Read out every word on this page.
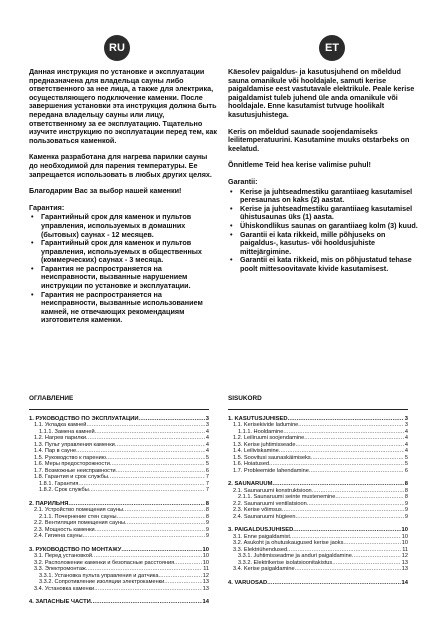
RU	ET

Данная инструкция по установке и эксплуатации предназначена для владельца сауны либо ответственного за нее лица, а также для электрика, осуществляющего подключение каменки. После завершения установки эта инструкция должна быть передана владельцу сауны или лицу, ответственному за ее эксплуатацию. Тщательно изучите инструкцию по эксплуатации перед тем, как пользоваться каменкой.

Каменка разработана для нагрева парилки сауны до необходимой для парения температуры. Ее запрещается использовать в любых других целях.

Благодарим Вас за выбор нашей каменки!

Гарантия:
• Гарантийный срок для каменок и пультов управления, используемых в домашних (бытовых) саунах - 12 месяцев.
• Гарантийный срок для каменок и пультов управления, используемых в общественных (коммерческих) саунах - 3 месяца.
• Гарантия не распространяется на неисправности, вызванные нарушением инструкции по установке и эксплуатации.
• Гарантия не распространяется на неисправности, вызванные использованием камней, не отвечающих рекомендациям изготовителя каменки.

Käesolev paigaldus- ja kasutusjuhend on mõeldud sauna omanikule või hooldajale, samuti kerise paigaldamise eest vastutavale elektrikule. Peale kerise paigaldamist tuleb juhend üle anda omanikule või hooldajale. Enne kasutamist tutvuge hoolikalt kasutusjuhistega.

Keris on mõeldud saunade soojendamiseks leilitemperatuurini. Kasutamine muuks otstarbeks on keelatud.

Õnnitleme Teid hea kerise valimise puhul!

Garantii:
• Kerise ja juhtseadmestiku garantiiaeg kasutamisel peresaunas on kaks (2) aastat.
• Kerise ja juhtseadmestiku garantiiaeg kasutamisel ühistusaunas üks (1) aasta.
• Ühiskondlikus saunas on garantiiaeg kolm (3) kuud.
• Garantii ei kata rikkeid, mille põhjuseks on paigaldus-, kasutus- või hooldusjuhiste mittejärgimine.
• Garantii ei kata rikkeid, mis on põhjustatud tehase poolt mittesoovitavate kivide kasutamisest.
ОГЛАВЛЕНИЕ
1. РУКОВОДСТВО ПО ЭКСПЛУАТАЦИИ .....	3
1.1. Укладка камней .....	3
1.1.1. Замена камней .....	4
1.2. Нагрев парилки .....	4
1.3. Пульт управления каменки .....	4
1.4. Пар в сауне .....	4
1.5. Руководство к парению .....	5
1.6. Меры предосторожности .....	5
1.7. Возможные неисправности .....	6
1.8. Гарантия и срок службы .....	7
1.8.1. Гарантия .....	7
1.8.2. Срок службы .....	7
2. ПАРИЛЬНЯ .....	8
2.1. Устройство помещения сауны .....	8
2.1.1. Почернение стен сауны .....	8
2.2. Вентиляция помещения сауны .....	9
2.3. Мощность каменки .....	9
2.4. Гигиена сауны .....	9
3. РУКОВОДСТВО ПО МОНТАЖУ .....	10
3.1. Перед установкой .....	10
3.2. Расположение каменки и безопасные расстояния .....	10
3.3. Электромонтаж .....	11
3.3.1. Установка пульта управления и датчика .....	12
3.3.2. Сопротивление изоляции электрокаменки .....	13
3.4. Установка каменки .....	13
4. ЗАПАСНЫЕ ЧАСТИ .....	14
SISUKORD
1. KASUTUSJUHISED .....	3
1.1. Kerisekivide laduminе .....	3
1.1.1. Hooldamine .....	4
1.2. Leiliruumi soojendamine .....	4
1.3. Kerise juhtimisseade .....	4
1.4. Leiliviskamine .....	4
1.5. Soovitusi saunaskäimiseks .....	5
1.6. Hoiatused .....	5
1.7. Probleemide lahendamine .....	6
2. SAUNARUUM .....	8
2.1. Saunaruumi konstruktsioon .....	8
2.1.1. Saunaruumi seinte mustenemine .....	8
2.2. Saunaruumi ventilatsioon .....	9
2.3. Kerise võimsus .....	9
2.4. Saunaruumi hügieen .....	9
3. PAIGALDUSJUHISED .....	10
3.1. Enne paigaldamist .....	10
3.2. Asukoht ja ohutuskaugused kerise jaoks .....	10
3.3. Elektriühendused .....	11
3.3.1. Juhtimisseadme ja anduri paigaldamine .....	12
3.3.2. Elektrikerise isolatsioonitakistus .....	13
3.4. Kerise paigaldamine .....	13
4. VARUOSAD .....	14
